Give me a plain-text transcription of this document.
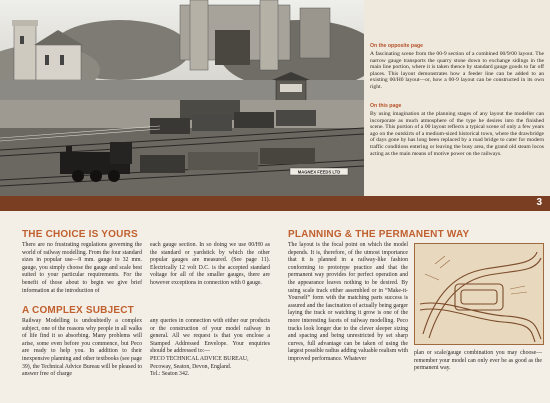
MAGNEX FEEDS LTD
On the opposite page
A fascinating scene from the 00-9 section of a combined 00/9/00 layout. The narrow gauge transports the quarry stone down to exchange sidings in the main line portion, where it is taken thence by standard gauge goods to far off places. This layout demonstrates how a feeder line can be added to an existing 00/H0 layout—or, how a 00-9 layout can be constructed in its own right.
On this page
By using imagination at the planning stages of any layout the modeller can incorporate as much atmosphere of the type he desires into the finished scene. This portion of a 00 layout reflects a typical scene of only a few years ago on the outskirts of a medium-sized historical town, where the drawbridge of days gone by has long been replaced by a road bridge to cater for modern traffic conditions entering or leaving the busy area, the grand old steam locos acting as the main means of motive power on the railways.
3
THE CHOICE IS YOURS
There are no frustrating regulations governing the world of railway modelling. From the four standard sizes in popular use—9 mm. gauge to 32 mm. gauge, you simply choose the gauge and scale best suited to your particular requirements. For the benefit of those about to begin we give brief information at the introduction of
each gauge section. In so doing we use 00/H0 as the standard or yardstick by which the other popular gauges are measured. (See page 11). Electrically 12 volt D.C. is the accepted standard voltage for all of the smaller gauges, there are however exceptions in connection with 0 gauge.
A COMPLEX SUBJECT
Railway Modelling is undoubtedly a complex subject, one of the reasons why people in all walks of life find it so absorbing. Many problems will arise, some even before you commence, but Peco are ready to help you. In addition to their inexpensive planning and other textbooks (see page 39), the Technical Advice Bureau will be pleased to answer free of charge
any queries in connection with either our products or the construction of your model railway in general. All we request is that you enclose a Stamped Addressed Envelope. Your enquiries should be addressed to:—
PECO TECHNICAL ADVICE BUREAU,
Pecoway, Seaton, Devon, England.
Tel.: Seaton 342.
PLANNING & THE PERMANENT WAY
The layout is the focal point on which the model depends. It is, therefore, of the utmost importance that it is planned in a railway-like fashion conforming to prototype practice and that the permanent way provides for perfect operation and the appearance leaves nothing to be desired. By using scale track either assembled or in “Make-it-Yourself” form with the matching parts success is assured and the fascination of actually being garger laying the track or watching it grow is one of the more interesting facets of railway modelling. Peco tracks look longer due to the clever sleeper sizing and spacing and being unrestricted by set sharp curves, full advantage can be taken of using the largest possible radius adding valuable realism with improved performance. Whatever
plan or scale/gauge combination you may choose—remember your model can only ever be as good as the permanent way.
